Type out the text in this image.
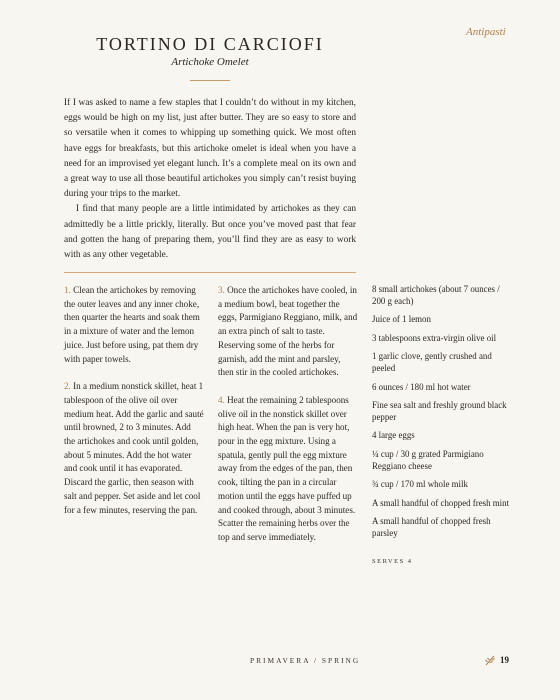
Antipasti
TORTINO DI CARCIOFI
Artichoke Omelet

If I was asked to name a few staples that I couldn’t do without in my kitchen, eggs would be high on my list, just after butter. They are so easy to store and so versatile when it comes to whipping up something quick. We most often have eggs for breakfasts, but this artichoke omelet is ideal when you have a need for an improvised yet elegant lunch. It’s a complete meal on its own and a great way to use all those beautiful artichokes you simply can’t resist buying during your trips to the market.

I find that many people are a little intimidated by artichokes as they can admittedly be a little prickly, literally. But once you’ve moved past that fear and gotten the hang of preparing them, you’ll find they are as easy to work with as any other vegetable.

1. Clean the artichokes by removing the outer leaves and any inner choke, then quarter the hearts and soak them in a mixture of water and the lemon juice. Just before using, pat them dry with paper towels.

2. In a medium nonstick skillet, heat 1 tablespoon of the olive oil over medium heat. Add the garlic and sauté until browned, 2 to 3 minutes. Add the artichokes and cook until golden, about 5 minutes. Add the hot water and cook until it has evaporated. Discard the garlic, then season with salt and pepper. Set aside and let cool for a few minutes, reserving the pan.

3. Once the artichokes have cooled, in a medium bowl, beat together the eggs, Parmigiano Reggiano, milk, and an extra pinch of salt to taste. Reserving some of the herbs for garnish, add the mint and parsley, then stir in the cooled artichokes.

4. Heat the remaining 2 tablespoons olive oil in the nonstick skillet over high heat. When the pan is very hot, pour in the egg mixture. Using a spatula, gently pull the egg mixture away from the edges of the pan, then cook, tilting the pan in a circular motion until the eggs have puffed up and cooked through, about 3 minutes. Scatter the remaining herbs over the top and serve immediately.

8 small artichokes (about 7 ounces / 200 g each)

Juice of 1 lemon

3 tablespoons extra-virgin olive oil

1 garlic clove, gently crushed and peeled

6 ounces / 180 ml hot water

Fine sea salt and freshly ground black pepper

4 large eggs

¼ cup / 30 g grated Parmigiano Reggiano cheese

¾ cup / 170 ml whole milk

A small handful of chopped fresh mint

A small handful of chopped fresh parsley

SERVES 4
PRIMAVERA / SPRING	19
